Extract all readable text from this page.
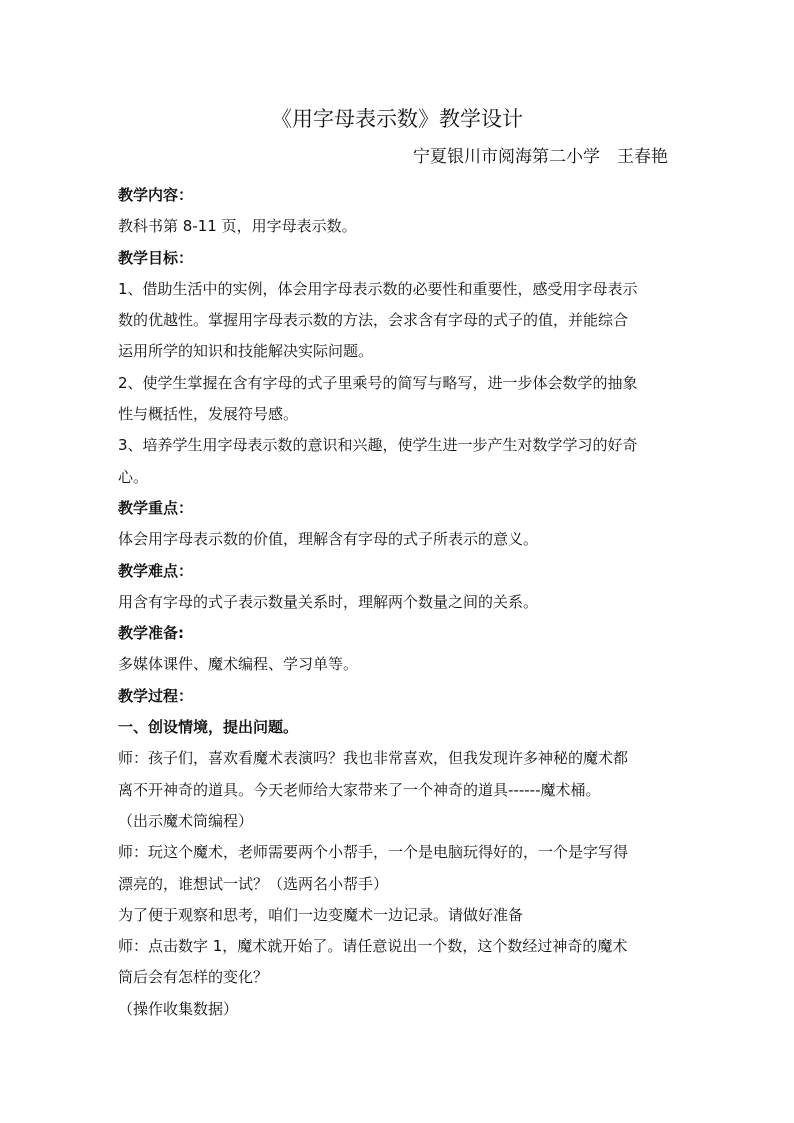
《用字母表示数》教学设计
宁夏银川市阅海第二小学　王春艳
教学内容：
教科书第 8-11 页，用字母表示数。
教学目标：
1、借助生活中的实例，体会用字母表示数的必要性和重要性，感受用字母表示
数的优越性。掌握用字母表示数的方法，会求含有字母的式子的值，并能综合
运用所学的知识和技能解决实际问题。
2、使学生掌握在含有字母的式子里乘号的简写与略写，进一步体会数学的抽象
性与概括性，发展符号感。
3、培养学生用字母表示数的意识和兴趣，使学生进一步产生对数学学习的好奇
心。
教学重点：
体会用字母表示数的价值，理解含有字母的式子所表示的意义。
教学难点：
用含有字母的式子表示数量关系时，理解两个数量之间的关系。
教学准备:
多媒体课件、魔术编程、学习单等。
教学过程：
一、创设情境，提出问题。
师：孩子们，喜欢看魔术表演吗？我也非常喜欢，但我发现许多神秘的魔术都
离不开神奇的道具。今天老师给大家带来了一个神奇的道具------魔术桶。
（出示魔术筒编程）
师：玩这个魔术，老师需要两个小帮手，一个是电脑玩得好的，一个是字写得
漂亮的，谁想试一试？（选两名小帮手）
为了便于观察和思考，咱们一边变魔术一边记录。请做好准备
师：点击数字 1，魔术就开始了。请任意说出一个数，这个数经过神奇的魔术
筒后会有怎样的变化？
（操作收集数据）
